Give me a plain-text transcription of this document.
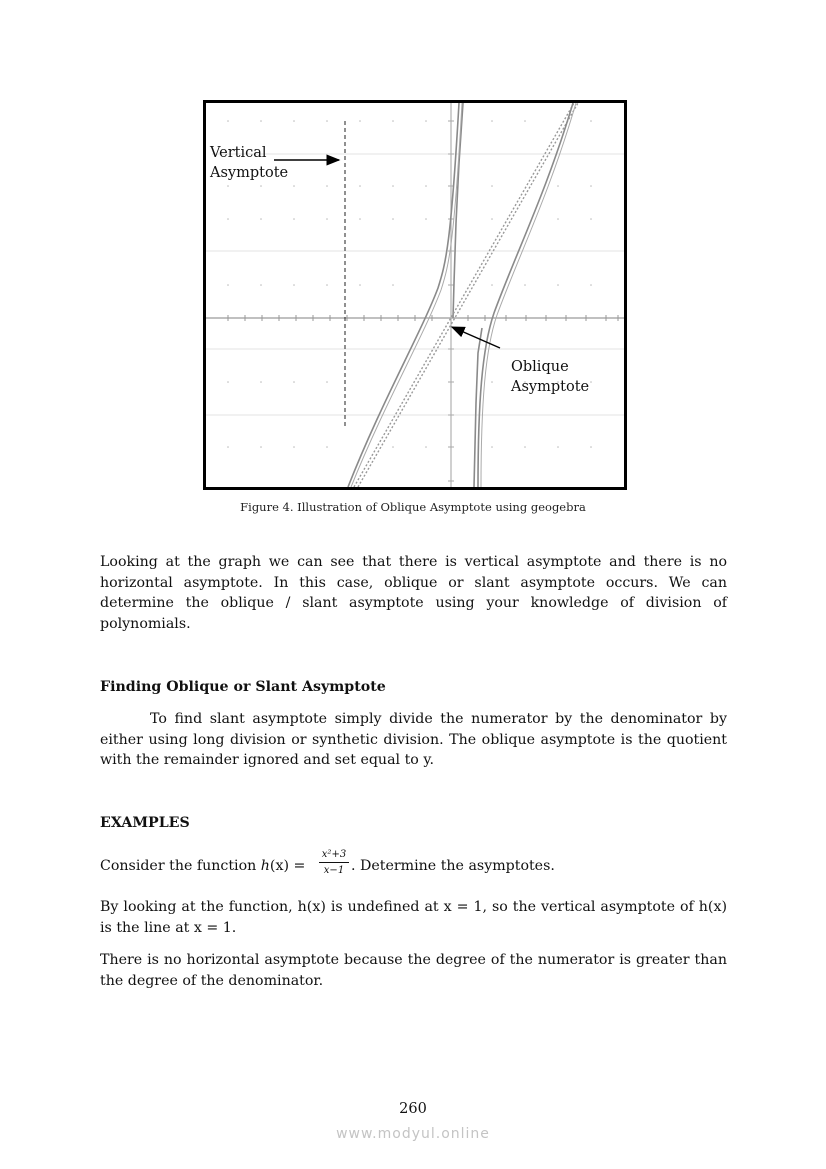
Vertical
Asymptote
Oblique
Asymptote
Figure 4. Illustration of Oblique Asymptote using geogebra

Looking at the graph we can see that there is vertical asymptote and there is no horizontal asymptote. In this case, oblique or slant asymptote occurs. We can determine the oblique / slant asymptote using your knowledge of division of polynomials.

Finding Oblique or Slant Asymptote

To find slant asymptote simply divide the numerator by the denominator by either using long division or synthetic division. The oblique asymptote is the quotient with the remainder ignored and set equal to y.

EXAMPLES

Consider the function $h(x) = \frac{\text{x²+3}}{x-1}$ . Determine the asymptotes.

By looking at the function, h(x) is undefined at x = 1, so the vertical asymptote of h(x) is the line at x = 1.

There is no horizontal asymptote because the degree of the numerator is greater than the degree of the denominator.

260
www.modyul.online
